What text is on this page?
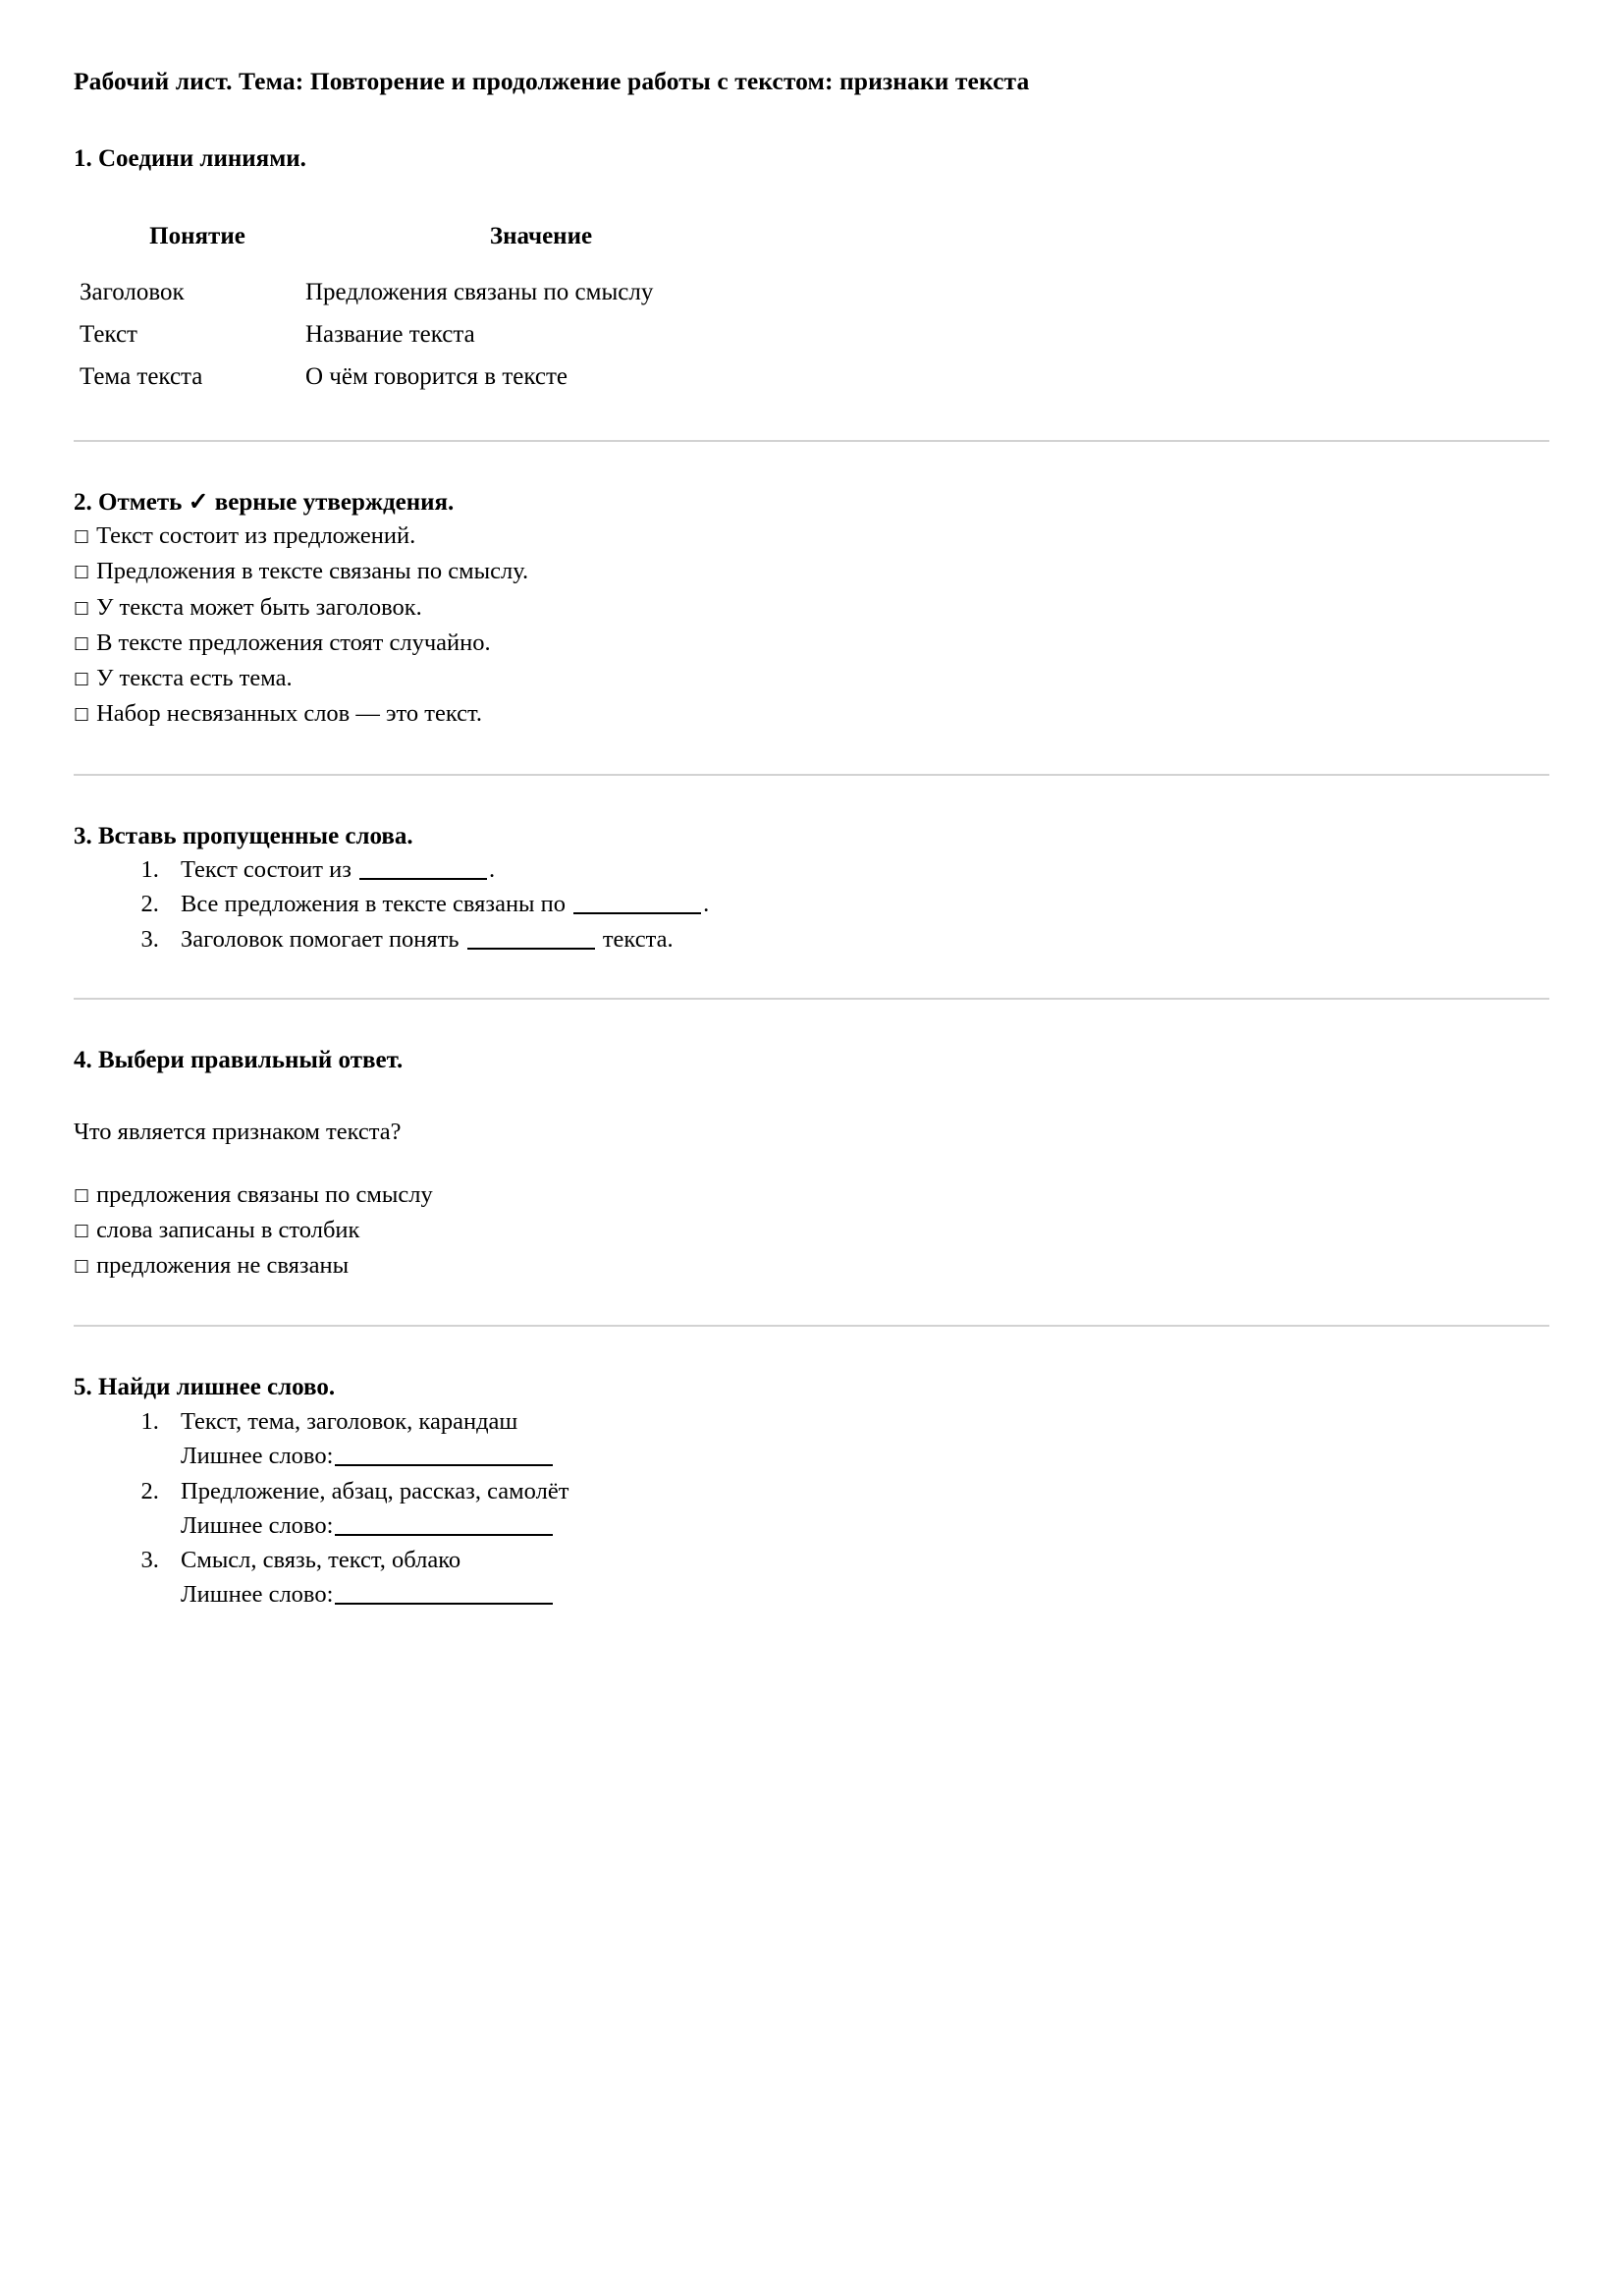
Рабочий лист. Тема: Повторение и продолжение работы с текстом: признаки текста
1. Соедини линиями.
Понятие	Значение
Заголовок	Предложения связаны по смыслу
Текст	Название текста
Тема текста	О чём говорится в тексте
2. Отметь ✓ верные утверждения.
□ Текст состоит из предложений.
□ Предложения в тексте связаны по смыслу.
□ У текста может быть заголовок.
□ В тексте предложения стоят случайно.
□ У текста есть тема.
□ Набор несвязанных слов — это текст.
3. Вставь пропущенные слова.
1. Текст состоит из	.
2. Все предложения в тексте связаны по	.
3. Заголовок помогает понять	текста.
4. Выбери правильный ответ.

Что является признаком текста?

□ предложения связаны по смыслу
□ слова записаны в столбик
□ предложения не связаны
5. Найди лишнее слово.
1. Текст, тема, заголовок, карандаш
Лишнее слово:
2. Предложение, абзац, рассказ, самолёт
Лишнее слово:
3. Смысл, связь, текст, облако
Лишнее слово:
